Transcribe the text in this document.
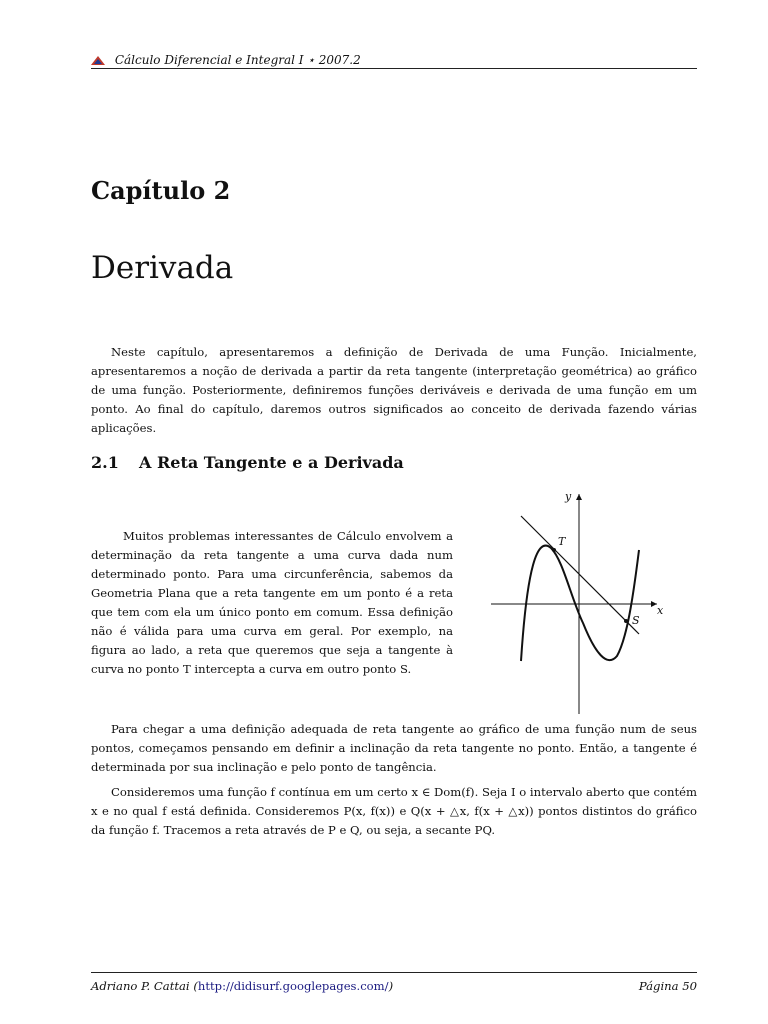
Cálculo Diferencial e Integral I ⋆ 2007.2
Capítulo 2
Derivada

Neste capítulo, apresentaremos a definição de Derivada de uma Função. Inicialmente, apresentaremos a noção de derivada a partir da reta tangente (interpretação geométrica) ao gráfico de uma função. Posteriormente, definiremos funções deriváveis e derivada de uma função em um ponto. Ao final do capítulo, daremos outros significados ao conceito de derivada fazendo várias aplicações.

2.1 A Reta Tangente e a Derivada

Muitos problemas interessantes de Cálculo envolvem a determinação da reta tangente a uma curva dada num determinado ponto. Para uma circunferência, sabemos da Geometria Plana que a reta tangente em um ponto é a reta que tem com ela um único ponto em comum. Essa definição não é válida para uma curva em geral. Por exemplo, na figura ao lado, a reta que queremos que seja a tangente à curva no ponto T intercepta a curva em outro ponto S.

y
x
T
S

Para chegar a uma definição adequada de reta tangente ao gráfico de uma função num de seus pontos, começamos pensando em definir a inclinação da reta tangente no ponto. Então, a tangente é determinada por sua inclinação e pelo ponto de tangência.

Consideremos uma função f contínua em um certo x ∈ Dom(f). Seja I o intervalo aberto que contém x e no qual f está definida. Consideremos P(x, f(x)) e Q(x + △x, f(x + △x)) pontos distintos do gráfico da função f. Tracemos a reta através de P e Q, ou seja, a secante PQ.

Adriano P. Cattai (http://didisurf.googlepages.com/)	Página 50
